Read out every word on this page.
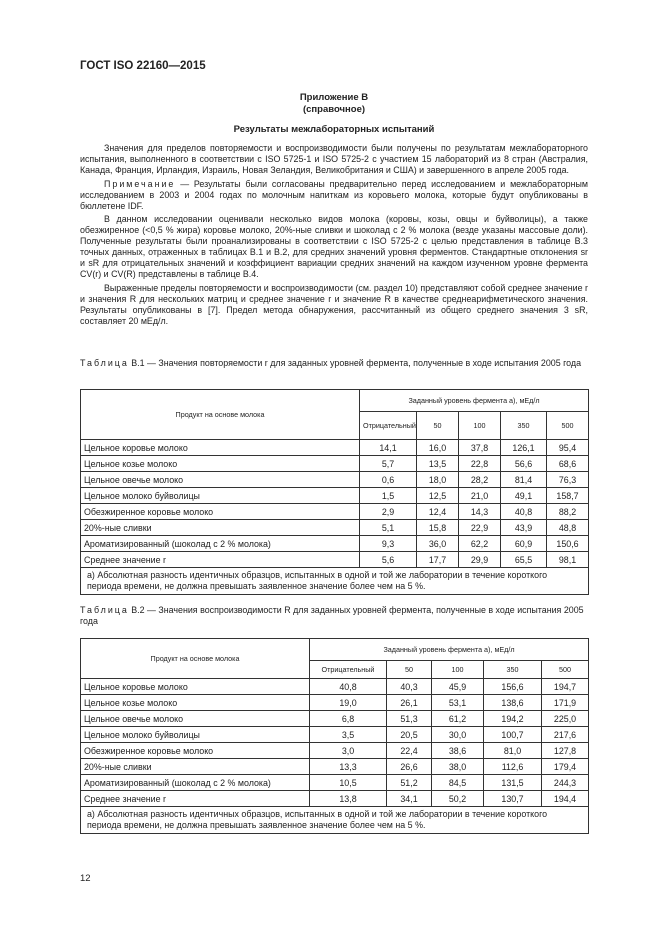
ГОСТ ISO 22160—2015
Приложение В
(справочное)
Результаты межлабораторных испытаний

Значения для пределов повторяемости и воспроизводимости были получены по результатам межлабораторного испытания, выполненного в соответствии с ISO 5725-1 и ISO 5725-2 с участием 15 лабораторий из 8 стран (Австралия, Канада, Франция, Ирландия, Израиль, Новая Зеландия, Великобритания и США) и завершенного в апреле 2005 года.

Примечание — Результаты были согласованы предварительно перед исследованием и межлабораторным исследованием в 2003 и 2004 годах по молочным напиткам из коровьего молока, которые будут опубликованы в бюллетене IDF.

В данном исследовании оценивали несколько видов молока (коровы, козы, овцы и буйволицы), а также обезжиренное (<0,5 % жира) коровье молоко, 20%-ные сливки и шоколад с 2 % молока (везде указаны массовые доли). Полученные результаты были проанализированы в соответствии с ISO 5725-2 с целью представления в таблице В.3 точных данных, отраженных в таблицах В.1 и В.2, для средних значений уровня ферментов. Стандартные отклонения sr и sR для отрицательных значений и коэффициент вариации средних значений на каждом изученном уровне фермента CV(r) и CV(R) представлены в таблице В.4.

Выраженные пределы повторяемости и воспроизводимости (см. раздел 10) представляют собой среднее значение r и значения R для нескольких матриц и среднее значение r и значение R в качестве среднеарифметического значения. Результаты опубликованы в [7]. Предел метода обнаружения, рассчитанный из общего среднего значения 3 sR, составляет 20 мЕд/л.

Таблица В.1 — Значения повторяемости r для заданных уровней фермента, полученные в ходе испытания 2005 года
Продукт на основе молока	Заданный уровень фермента а), мЕд/л				
	Отрицательный	50	100	350	500
Цельное коровье молоко	14,1	16,0	37,8	126,1	95,4
Цельное козье молоко	5,7	13,5	22,8	56,6	68,6
Цельное овечье молоко	0,6	18,0	28,2	81,4	76,3
Цельное молоко буйволицы	1,5	12,5	21,0	49,1	158,7
Обезжиренное коровье молоко	2,9	12,4	14,3	40,8	88,2
20%-ные сливки	5,1	15,8	22,9	43,9	48,8
Ароматизированный (шоколад с 2 % молока)	9,3	36,0	62,2	60,9	150,6
Среднее значение r	5,6	17,7	29,9	65,5	98,1
а) Абсолютная разность идентичных образцов, испытанных в одной и той же лаборатории в течение короткого периода времени, не должна превышать заявленное значение более чем на 5 %.					
Таблица В.2 — Значения воспроизводимости R для заданных уровней фермента, полученные в ходе испытания 2005 года
Продукт на основе молока	Заданный уровень фермента а), мЕд/л				
	Отрицательный	50	100	350	500
Цельное коровье молоко	40,8	40,3	45,9	156,6	194,7
Цельное козье молоко	19,0	26,1	53,1	138,6	171,9
Цельное овечье молоко	6,8	51,3	61,2	194,2	225,0
Цельное молоко буйволицы	3,5	20,5	30,0	100,7	217,6
Обезжиренное коровье молоко	3,0	22,4	38,6	81,0	127,8
20%-ные сливки	13,3	26,6	38,0	112,6	179,4
Ароматизированный (шоколад с 2 % молока)	10,5	51,2	84,5	131,5	244,3
Среднее значение r	13,8	34,1	50,2	130,7	194,4
а) Абсолютная разность идентичных образцов, испытанных в одной и той же лаборатории в течение короткого периода времени, не должна превышать заявленное значение более чем на 5 %.					
12
